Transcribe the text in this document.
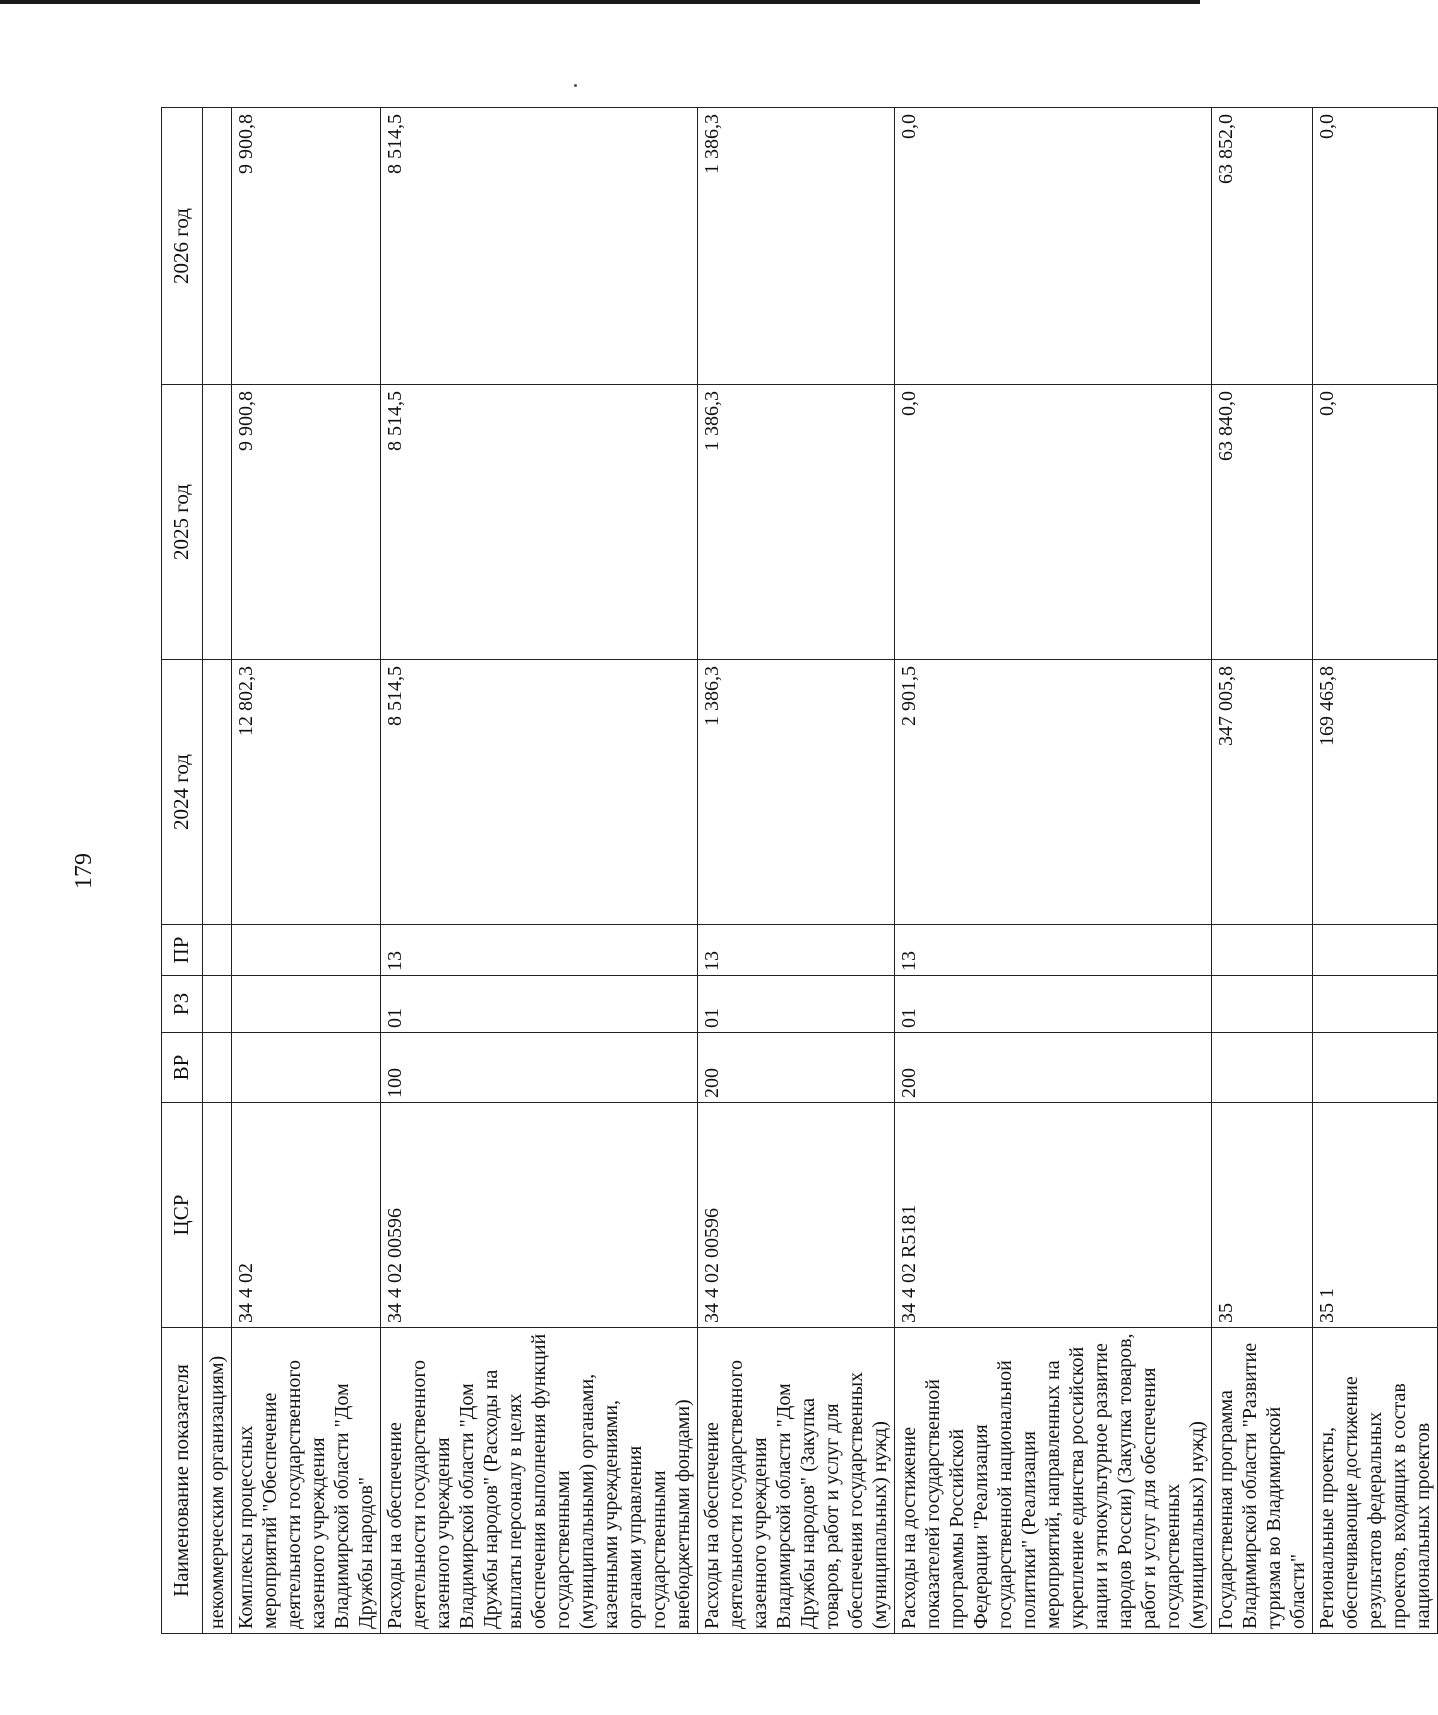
179
Наименование показателя	ЦСР	ВР	РЗ	ПР	2024 год	2025 год	2026 год
некоммерческим организациям)							
Комплексы процессных мероприятий "Обеспечение деятельности государственного казенного учреждения Владимирской области "Дом Дружбы народов"	34 4 02				12 802,3	9 900,8	9 900,8
Расходы на обеспечение деятельности государственного казенного учреждения Владимирской области "Дом Дружбы народов" (Расходы на выплаты персоналу в целях обеспечения выполнения функций государственными (муниципальными) органами, казенными учреждениями, органами управления государственными внебюджетными фондами)	34 4 02 00596	100	01	13	8 514,5	8 514,5	8 514,5
Расходы на обеспечение деятельности государственного казенного учреждения Владимирской области "Дом Дружбы народов" (Закупка товаров, работ и услуг для обеспечения государственных (муниципальных) нужд)	34 4 02 00596	200	01	13	1 386,3	1 386,3	1 386,3
Расходы на достижение показателей государственной программы Российской Федерации "Реализация государственной национальной политики" (Реализация мероприятий, направленных на укрепление единства российской нации и этнокультурное развитие народов России) (Закупка товаров, работ и услуг для обеспечения государственных (муниципальных) нужд)	34 4 02 R5181	200	01	13	2 901,5	0,0	0,0
Государственная программа Владимирской области "Развитие туризма во Владимирской области"	35				347 005,8	63 840,0	63 852,0
Региональные проекты, обеспечивающие достижение результатов федеральных проектов, входящих в состав национальных проектов	35 1				169 465,8	0,0	0,0
